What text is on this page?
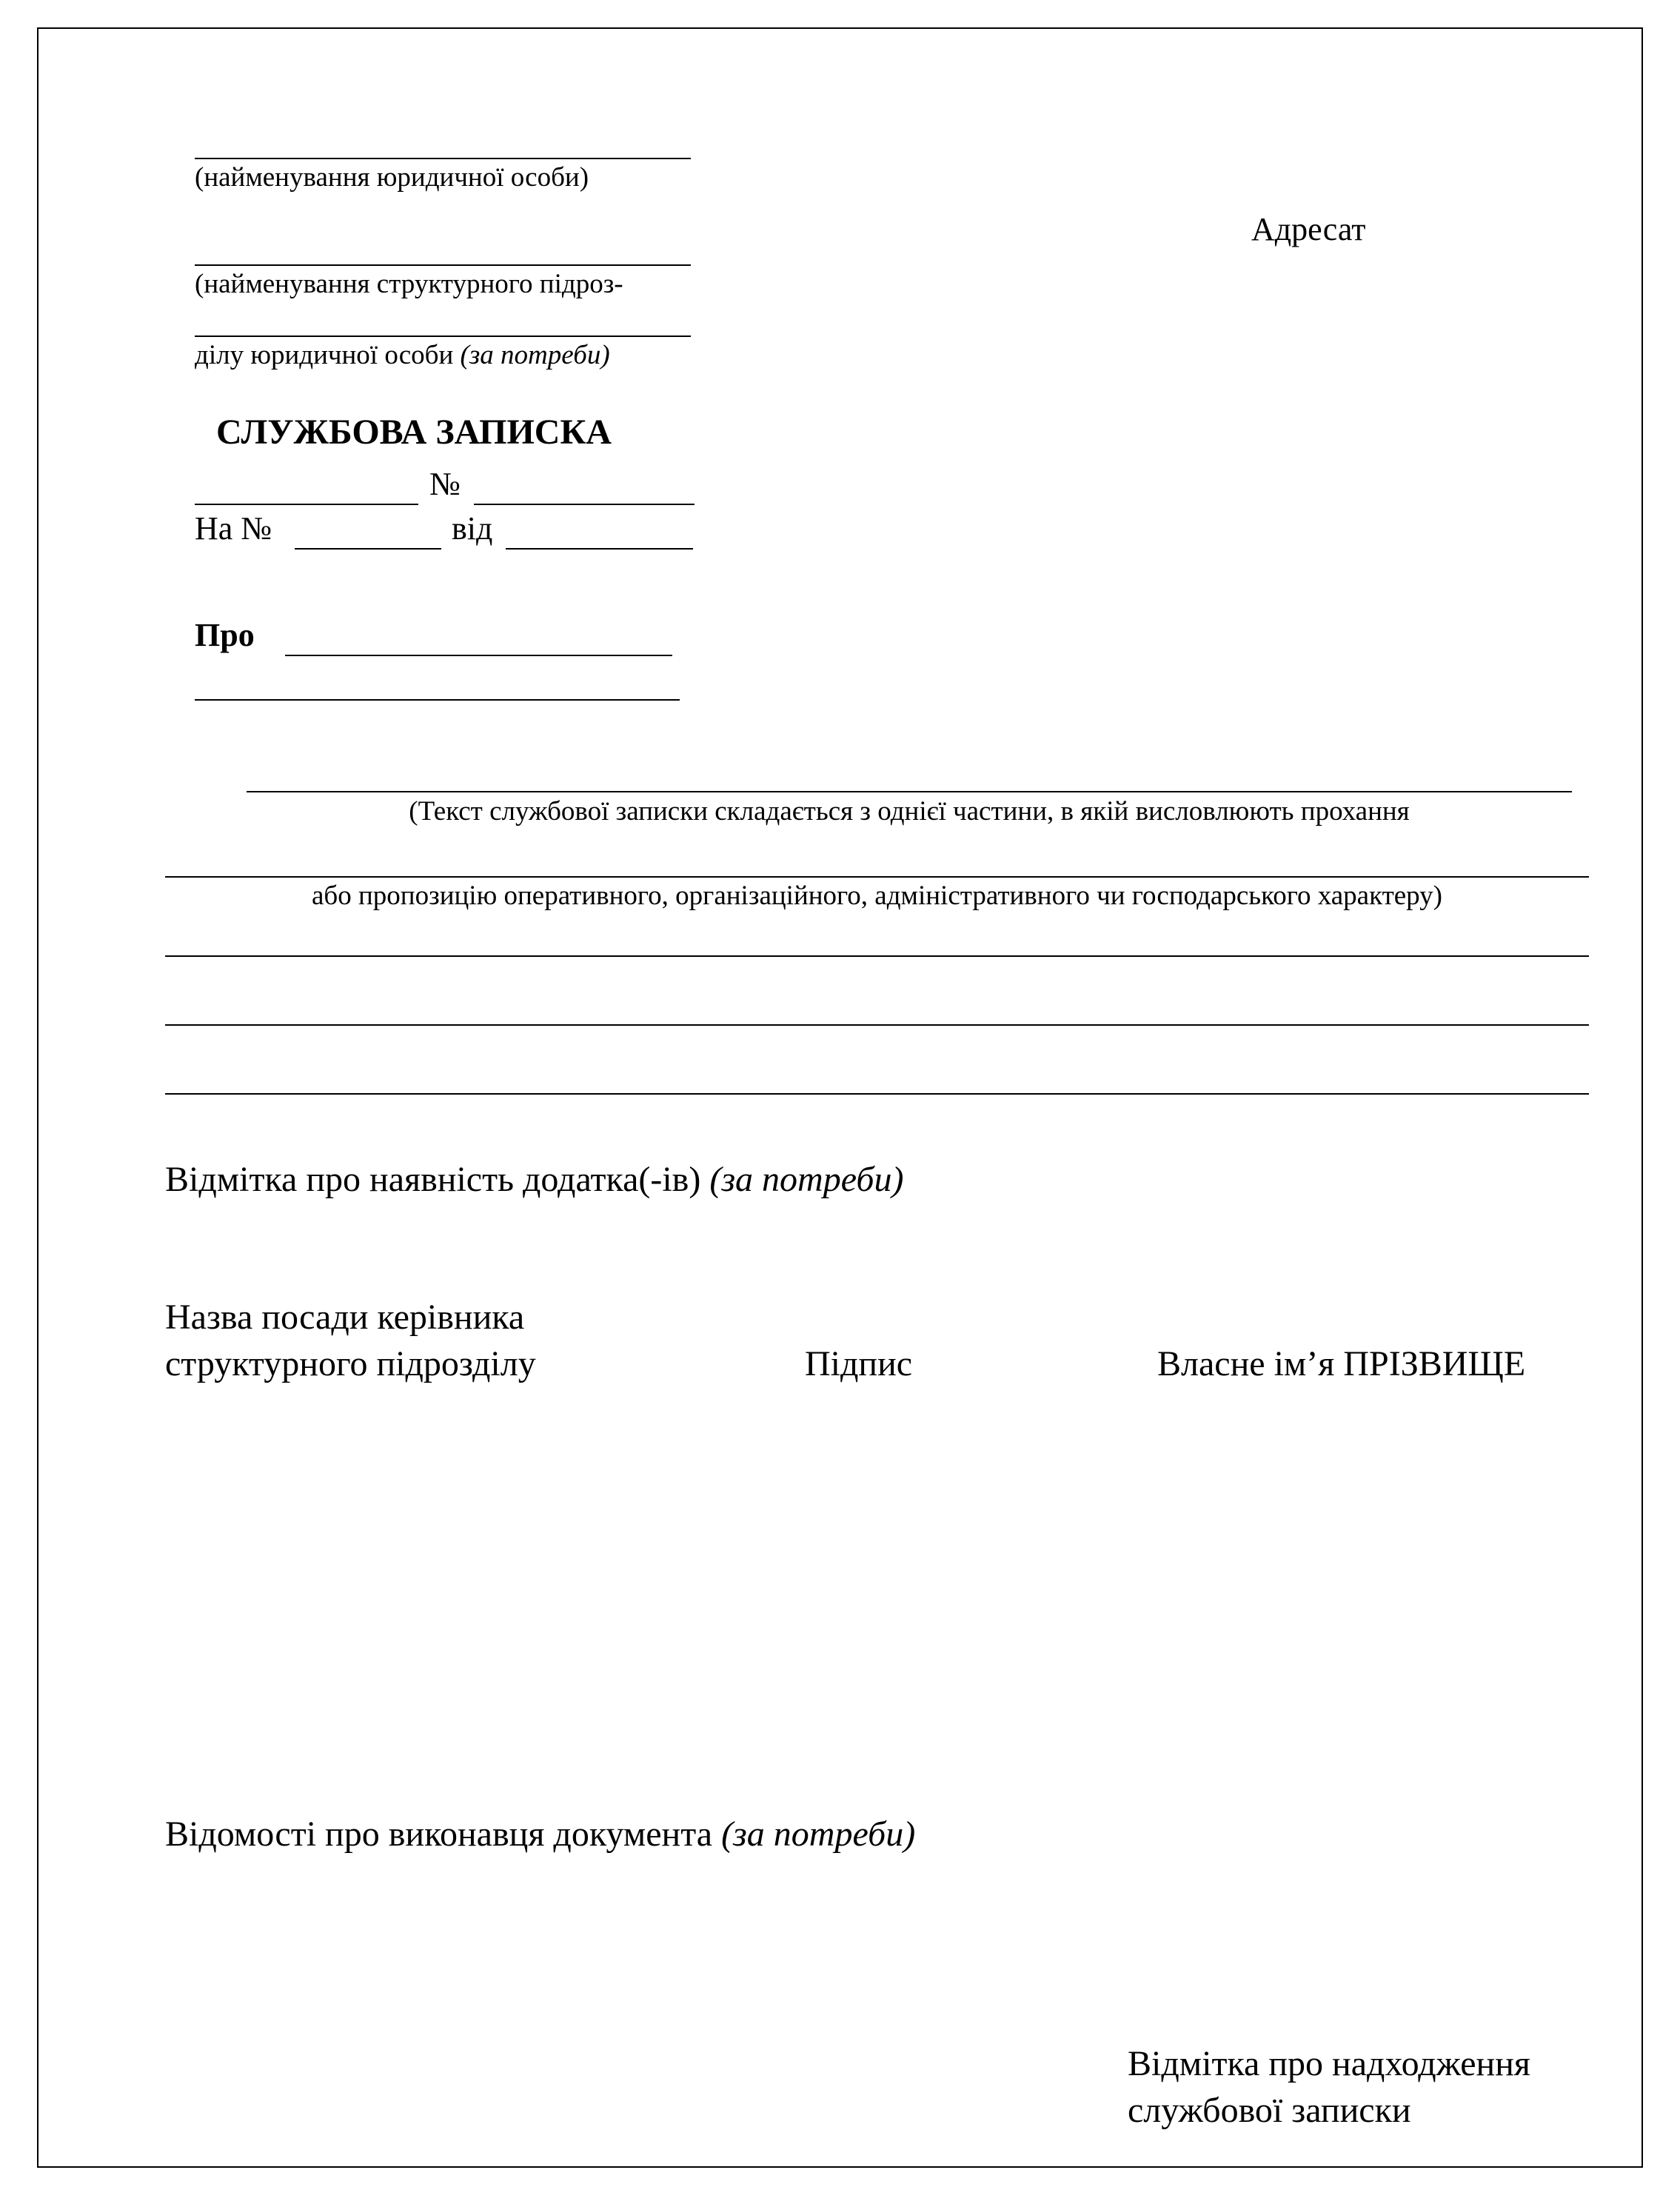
(найменування юридичної особи)
(найменування структурного підроз-
ділу юридичної особи (за потреби)
Адресат
СЛУЖБОВА ЗАПИСКА
№
На №	від
Про
(Текст службової записки складається з однієї частини, в якій висловлюють прохання
або пропозицію оперативного, організаційного, адміністративного чи господарського характеру)
Відмітка про наявність додатка(-ів) (за потреби)
Назва посади керівника
структурного підрозділу	Підпис	Власне ім’я ПРІЗВИЩЕ
Відомості про виконавця документа (за потреби)
Відмітка про надходження
службової записки
